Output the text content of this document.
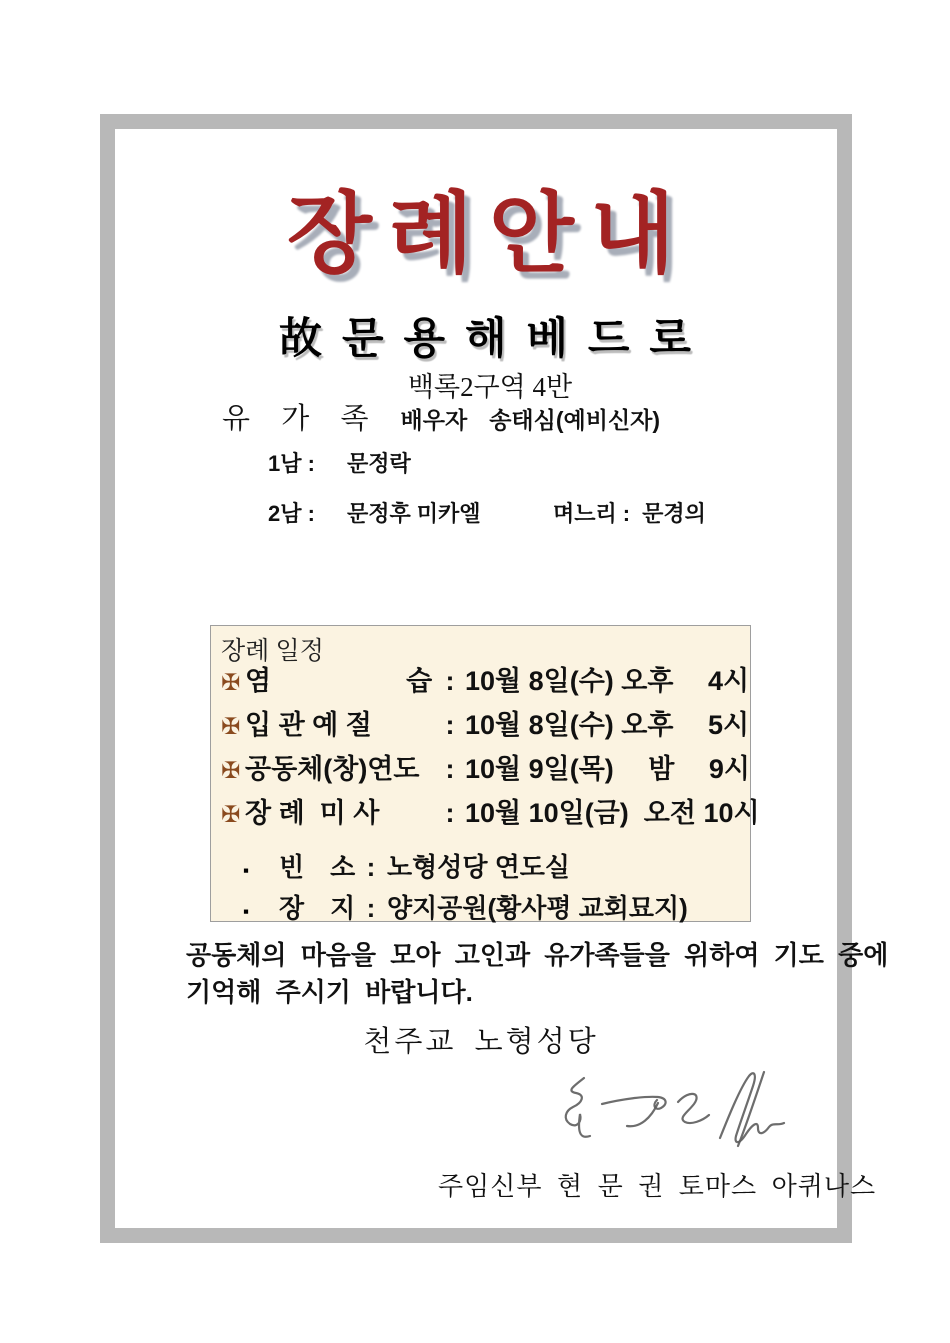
장례안내
故 문 용 해 베 드 로
백록2구역 4반
유 가 족 배우자 송태심(예비신자)
1남 : 문정락
2남 : 문정후 미카엘	며느리 : 문경의
장례 일정
✠ 염　　　　　습 : 10월 8일(수) 오후　 4시
✠ 입 관 예 절	: 10월 8일(수) 오후　 5시
✠ 공동체(창)연도 : 10월 9일(목)　 밤　 9시
✠ 장 례  미 사	: 10월 10일(금)  오전 10시
▪	빈　소 : 노형성당 연도실
▪	장　지 : 양지공원(황사평 교회묘지)
공동체의 마음을 모아 고인과 유가족들을 위하여 기도 중에
기억해 주시기 바랍니다.
천주교 노형성당
주임신부 현 문 권 토마스 아퀴나스
